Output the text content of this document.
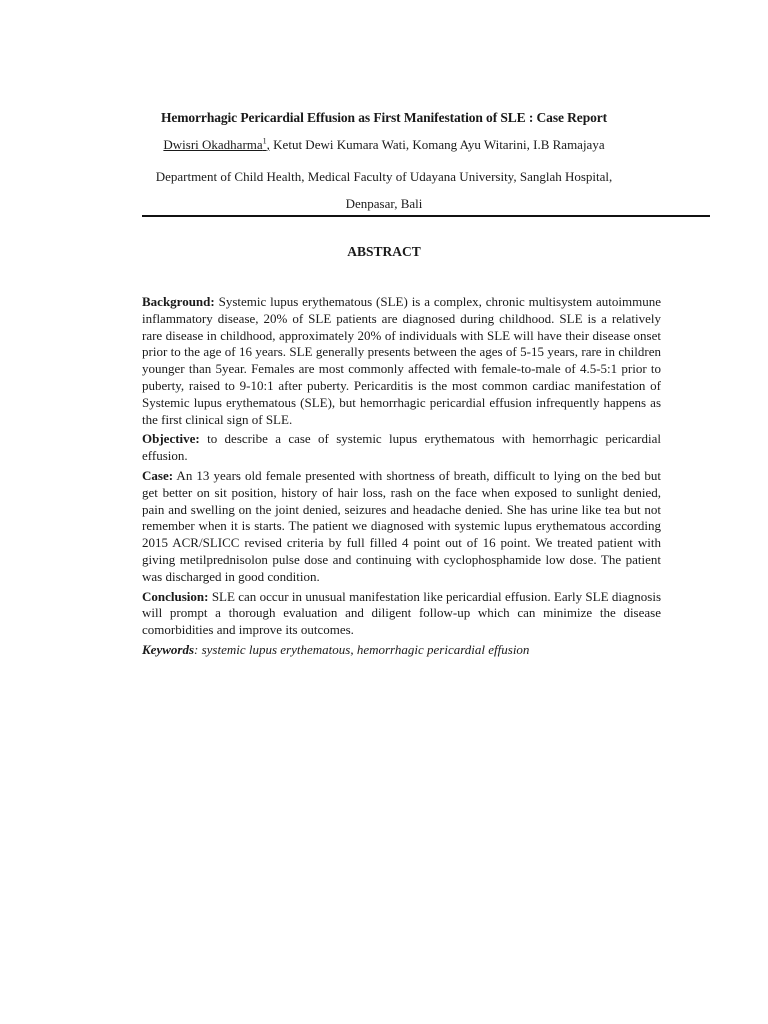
Hemorrhagic Pericardial Effusion as First Manifestation of SLE : Case Report
Dwisri Okadharma$^1$, Ketut Dewi Kumara Wati, Komang Ayu Witarini, I.B Ramajaya
Department of Child Health, Medical Faculty of Udayana University, Sanglah Hospital, Denpasar, Bali
ABSTRACT

Background: Systemic lupus erythematous (SLE) is a complex, chronic multisystem autoimmune inflammatory disease, 20% of SLE patients are diagnosed during childhood. SLE is a relatively rare disease in childhood, approximately 20% of individuals with SLE will have their disease onset prior to the age of 16 years. SLE generally presents between the ages of 5-15 years, rare in children younger than 5year. Females are most commonly affected with female-to-male of 4.5-5:1 prior to puberty, raised to 9-10:1 after puberty. Pericarditis is the most common cardiac manifestation of Systemic lupus erythematous (SLE), but hemorrhagic pericardial effusion infrequently happens as the first clinical sign of SLE.

Objective: to describe a case of systemic lupus erythematous with hemorrhagic pericardial effusion.

Case: An 13 years old female presented with shortness of breath, difficult to lying on the bed but get better on sit position, history of hair loss, rash on the face when exposed to sunlight denied, pain and swelling on the joint denied, seizures and headache denied. She has urine like tea but not remember when it is starts. The patient we diagnosed with systemic lupus erythematous according 2015 ACR/SLICC revised criteria by full filled 4 point out of 16 point. We treated patient with giving metilprednisolon pulse dose and continuing with cyclophosphamide low dose. The patient was discharged in good condition.

Conclusion: SLE can occur in unusual manifestation like pericardial effusion. Early SLE diagnosis will prompt a thorough evaluation and diligent follow-up which can minimize the disease comorbidities and improve its outcomes.

Keywords: systemic lupus erythematous, hemorrhagic pericardial effusion
